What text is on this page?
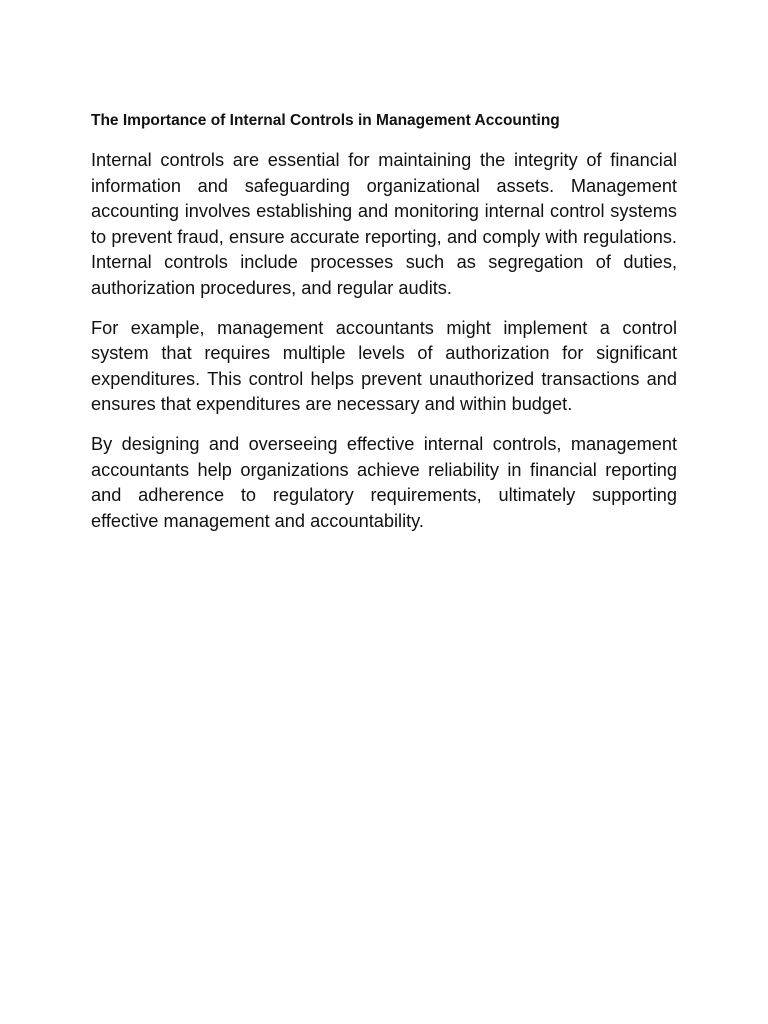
The Importance of Internal Controls in Management Accounting

Internal controls are essential for maintaining the integrity of financial information and safeguarding organizational assets. Management accounting involves establishing and monitoring internal control systems to prevent fraud, ensure accurate reporting, and comply with regulations. Internal controls include processes such as segregation of duties, authorization procedures, and regular audits.

For example, management accountants might implement a control system that requires multiple levels of authorization for significant expenditures. This control helps prevent unauthorized transactions and ensures that expenditures are necessary and within budget.

By designing and overseeing effective internal controls, management accountants help organizations achieve reliability in financial reporting and adherence to regulatory requirements, ultimately supporting effective management and accountability.
